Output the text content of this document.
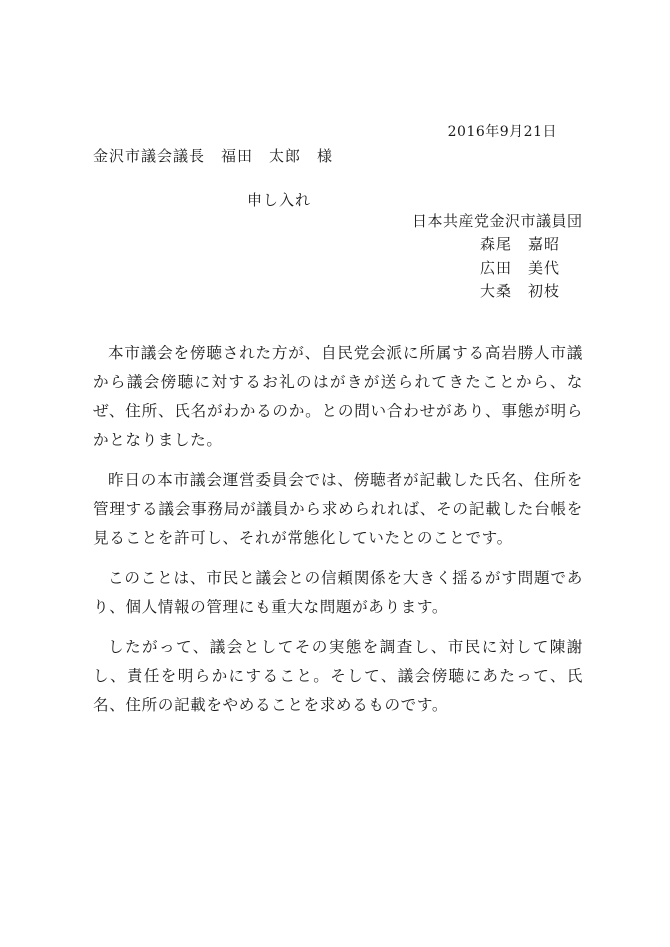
2016年9月21日
金沢市議会議長　福田　太郎　様
申し入れ
日本共産党金沢市議員団
森尾　嘉昭
広田　美代
大桑　初枝

本市議会を傍聴された方が、自民党会派に所属する高岩勝人市議から議会傍聴に対するお礼のはがきが送られてきたことから、なぜ、住所、氏名がわかるのか。との問い合わせがあり、事態が明らかとなりました。

昨日の本市議会運営委員会では、傍聴者が記載した氏名、住所を管理する議会事務局が議員から求められれば、その記載した台帳を見ることを許可し、それが常態化していたとのことです。

このことは、市民と議会との信頼関係を大きく揺るがす問題であり、個人情報の管理にも重大な問題があります。

したがって、議会としてその実態を調査し、市民に対して陳謝し、責任を明らかにすること。そして、議会傍聴にあたって、氏名、住所の記載をやめることを求めるものです。
